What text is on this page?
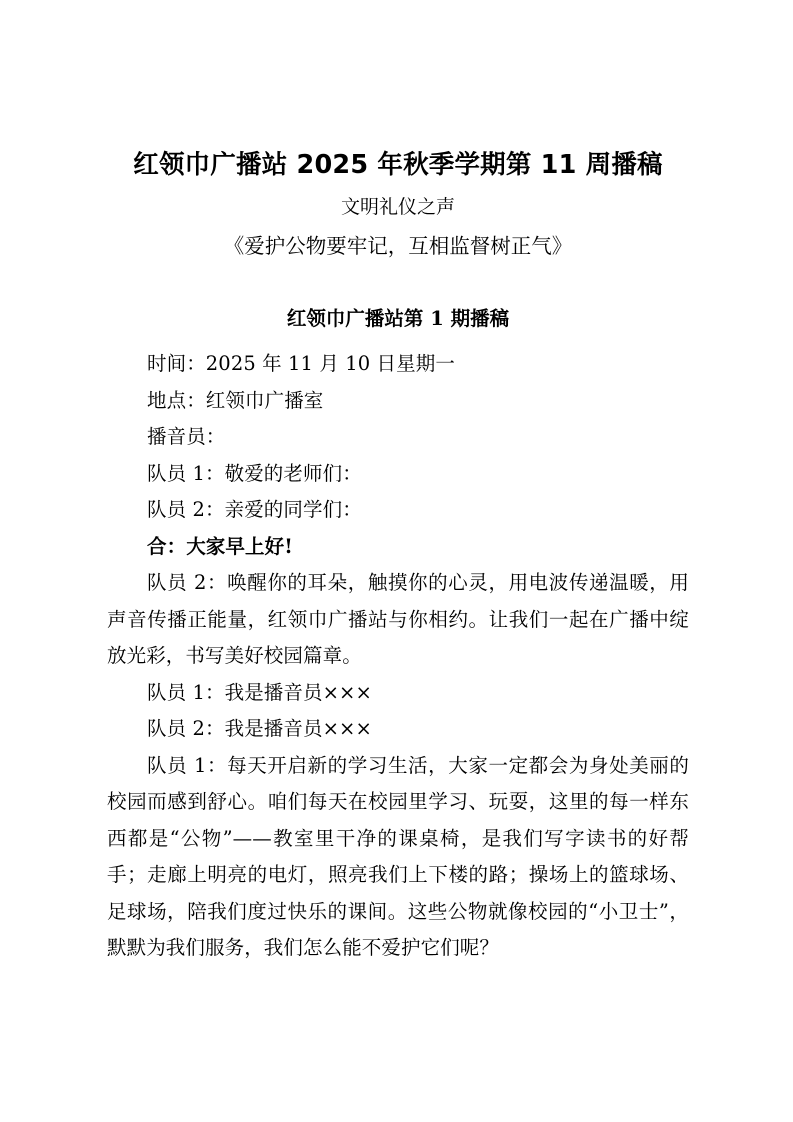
红领巾广播站 2025 年秋季学期第 11 周播稿
文明礼仪之声
《爱护公物要牢记，互相监督树正气》
红领巾广播站第 1 期播稿

时间：2025 年 11 月 10 日星期一

地点：红领巾广播室

播音员：

队员 1：敬爱的老师们：

队员 2：亲爱的同学们：

合：大家早上好!

队员 2：唤醒你的耳朵，触摸你的心灵，用电波传递温暖，用声音传播正能量，红领巾广播站与你相约。让我们一起在广播中绽放光彩，书写美好校园篇章。

队员 1：我是播音员×××

队员 2：我是播音员×××

队员 1：每天开启新的学习生活，大家一定都会为身处美丽的校园而感到舒心。咱们每天在校园里学习、玩耍，这里的每一样东西都是“公物”——教室里干净的课桌椅，是我们写字读书的好帮手；走廊上明亮的电灯，照亮我们上下楼的路；操场上的篮球场、足球场，陪我们度过快乐的课间。这些公物就像校园的“小卫士”，默默为我们服务，我们怎么能不爱护它们呢？
